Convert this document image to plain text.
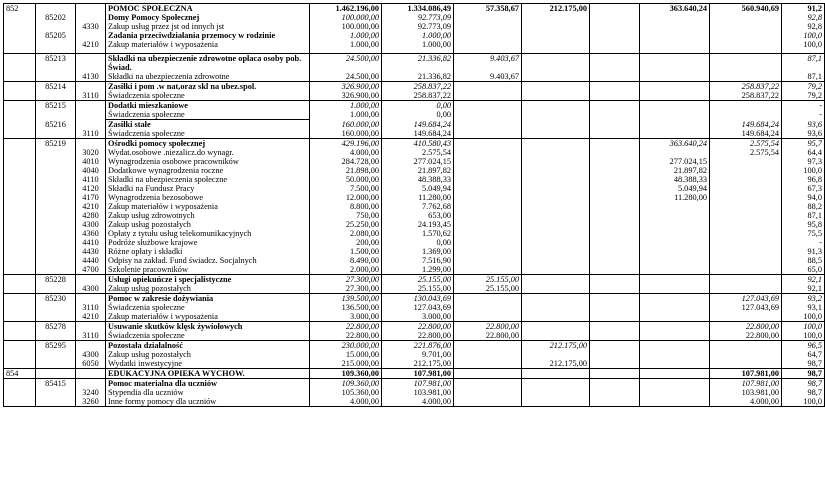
852			POMOC SPOŁECZNA	1.462.196,00	1.334.086,49	57.358,67	212.175,00		363.640,24	560.940,69	91,2
	85202		Domy Pomocy Społecznej	100.000,00	92.773,09						92,8
		4330	Zakup usług przez jst od innych jst	100.000,00	92.773,09						92,8
	85205		Zadania przeciwdziałania przemocy w rodzinie	1.000,00	1.000,00						100,0
		4210	Zakup materiałów i wyposażenia	1.000,00	1.000,00						100,0

	85213		Składki na ubezpieczenie zdrowotne opłaca osoby pob. Świad.	24.500,00	21.336,82	9.403,67					87,1
		4130	Składki na ubezpieczenia zdrowotne	24.500,00	21.336,82	9.403,67					87,1
	85214		Zasiłki i pom .w nat,oraz skl na ubez.spol.	326.900,00	258.837,22					258.837,22	79,2
		3110	Świadczenia społeczne	326.900,00	258.837,22					258.837,22	79,2
	85215		Dodatki mieszkaniowe	1.000,00	0,00						-
			Świadczenia społeczne	1.000,00	0,00						-
	85216		Zasiłki stałe	160.000,00	149.684,24					149.684,24	93,6
		3110	Świadczenia społeczne	160.000,00	149.684,24					149.684,24	93,6
	85219		Ośrodki pomocy społecznej	429.196,00	410.580,43				363.640,24	2.575,54	95,7
		3020	Wydat.osobowe .niezalicz.do wynagr.	4.000,00	2.575,54					2.575,54	64,4
		4010	Wynagrodzenia osobowe pracowników	284.728,00	277.024,15				277.024,15		97,3
		4040	Dodatkowe wynagrodzenia roczne	21.898,00	21.897,82				21.897,82		100,0
		4110	Składki na ubezpieczenia społeczne	50.000,00	48.388,33				48.388,33		96,8
		4120	Składki na Fundusz Pracy	7.500,00	5.049,94				5.049,94		67,3
		4170	Wynagrodzenia bezosobowe	12.000,00	11.280,00				11.280,00		94,0
		4210	Zakup materiałów i wyposażenia	8.800,00	7.762,68						88,2
		4280	Zakup usług zdrowotnych	750,00	653,00						87,1
		4300	Zakup usług pozostałych	25.250,00	24.193,45						95,8
		4360	Opłaty z tytułu usług telekomunikacyjnych	2.080,00	1.570,62						75,5
		4410	Podróże służbowe krajowe	200,00	0,00						-
		4430	Różne opłaty i składki	1.500,00	1.369,00						91,3
		4440	Odpisy na zakład. Fund świadcz. Socjalnych	8.490,00	7.516,90						88,5
		4700	Szkolenie pracowników	2.000,00	1.299,00						65,0
	85228		Usługi opiekuńcze i specjalistyczne	27.300,00	25.155,00	25.155,00					92,1
		4300	Zakup usług pozostałych	27.300,00	25.155,00	25.155,00					92,1
	85230		Pomoc w zakresie dożywiania	139.500,00	130.043,69					127.043,69	93,2
		3110	Świadczenia społeczne	136.500,00	127.043,69					127.043,69	93,1
		4210	Zakup materiałów i wyposażenia	3.000,00	3.000,00						100,0
	85278		Usuwanie skutków klęsk żywiołowych	22.800,00	22.800,00	22.800,00				22.800,00	100,0
		3110	Świadczenia społeczne	22.800,00	22.800,00	22.800,00				22.800,00	100,0
	85295		Pozostała działalność	230.000,00	221.876,00		212.175,00				96,5
		4300	Zakup usług pozostałych	15.000,00	9.701,00						64,7
		6050	Wydatki inwestycyjne	215.000,00	212.175,00		212.175,00				98,7
854			EDUKACYJNA OPIEKA WYCHOW.	109.360,00	107.981,00					107.981,00	98,7
	85415		Pomoc materialna dla uczniów	109.360,00	107.981,00					107.981,00	98,7
		3240	Stypendia dla uczniów	105.360,00	103.981,00					103.981,00	98,7
		3260	Inne formy pomocy dla uczniów	4.000,00	4.000,00					4.000,00	100,0
